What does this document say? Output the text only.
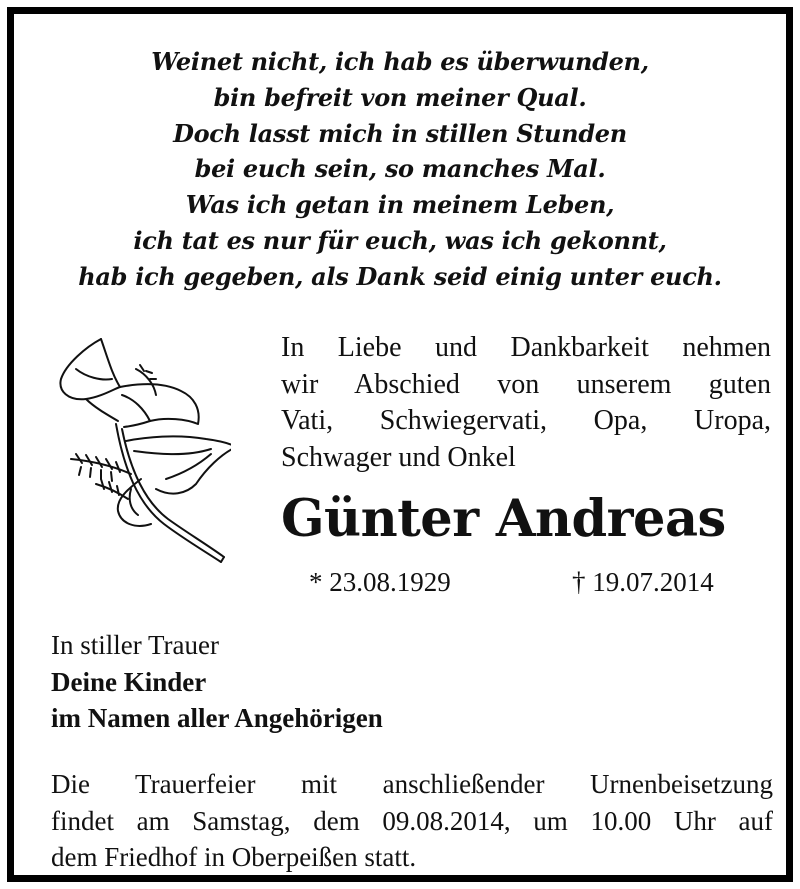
Weinet nicht, ich hab es überwunden,
bin befreit von meiner Qual.
Doch lasst mich in stillen Stunden
bei euch sein, so manches Mal.
Was ich getan in meinem Leben,
ich tat es nur für euch, was ich gekonnt,
hab ich gegeben, als Dank seid einig unter euch.
In Liebe und Dankbarkeit nehmen
wir Abschied von unserem guten
Vati, Schwiegervati, Opa, Uropa,
Schwager und Onkel
Günter Andreas
* 23.08.1929	† 19.07.2014
In stiller Trauer
Deine Kinder
im Namen aller Angehörigen
Die Trauerfeier mit anschließender Urnenbeisetzung
findet am Samstag, dem 09.08.2014, um 10.00 Uhr auf
dem Friedhof in Oberpeißen statt.
